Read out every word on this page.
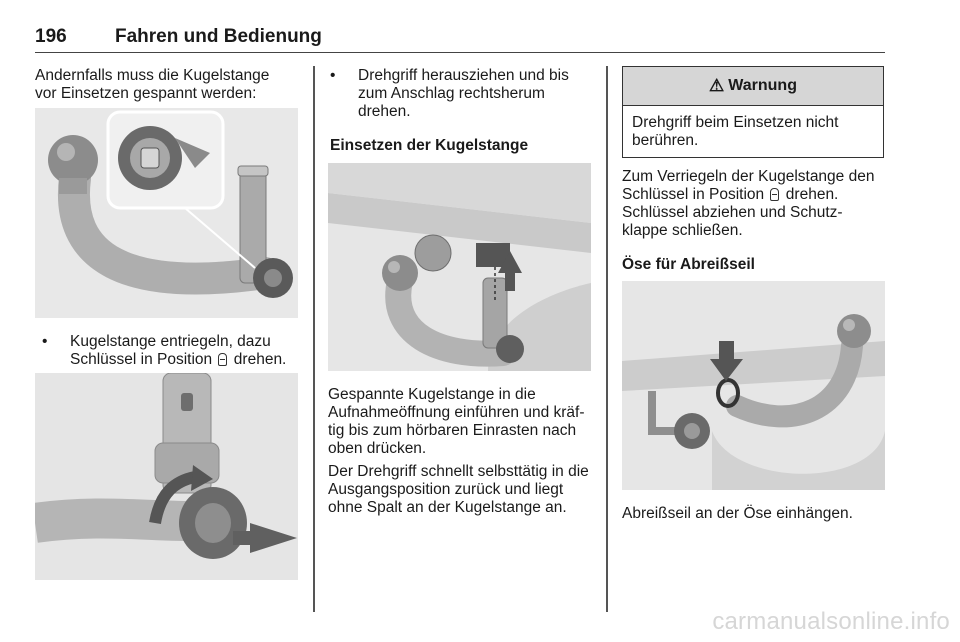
196	Fahren und Bedienung

Andernfalls muss die Kugelstange

vor Einsetzen gespannt werden:

• Kugelstange entriegeln, dazu
Schlüssel in Position drehen.
• Drehgriff herausziehen und bis
zum Anschlag rechtsherum
drehen.

Einsetzen der Kugelstange

Gespannte Kugelstange in die

Aufnahmeöffnung einführen und kräf-

tig bis zum hörbaren Einrasten nach

oben drücken.

Der Drehgriff schnellt selbsttätig in die

Ausgangsposition zurück und liegt

ohne Spalt an der Kugelstange an.

⚠ Warnung
Drehgriff beim Einsetzen nicht
berühren.

Zum Verriegeln der Kugelstange den

Schlüssel in Position drehen.

Schlüssel abziehen und Schutz-

klappe schließen.

Öse für Abreißseil

Abreißseil an der Öse einhängen.

carmanualsonline.info
